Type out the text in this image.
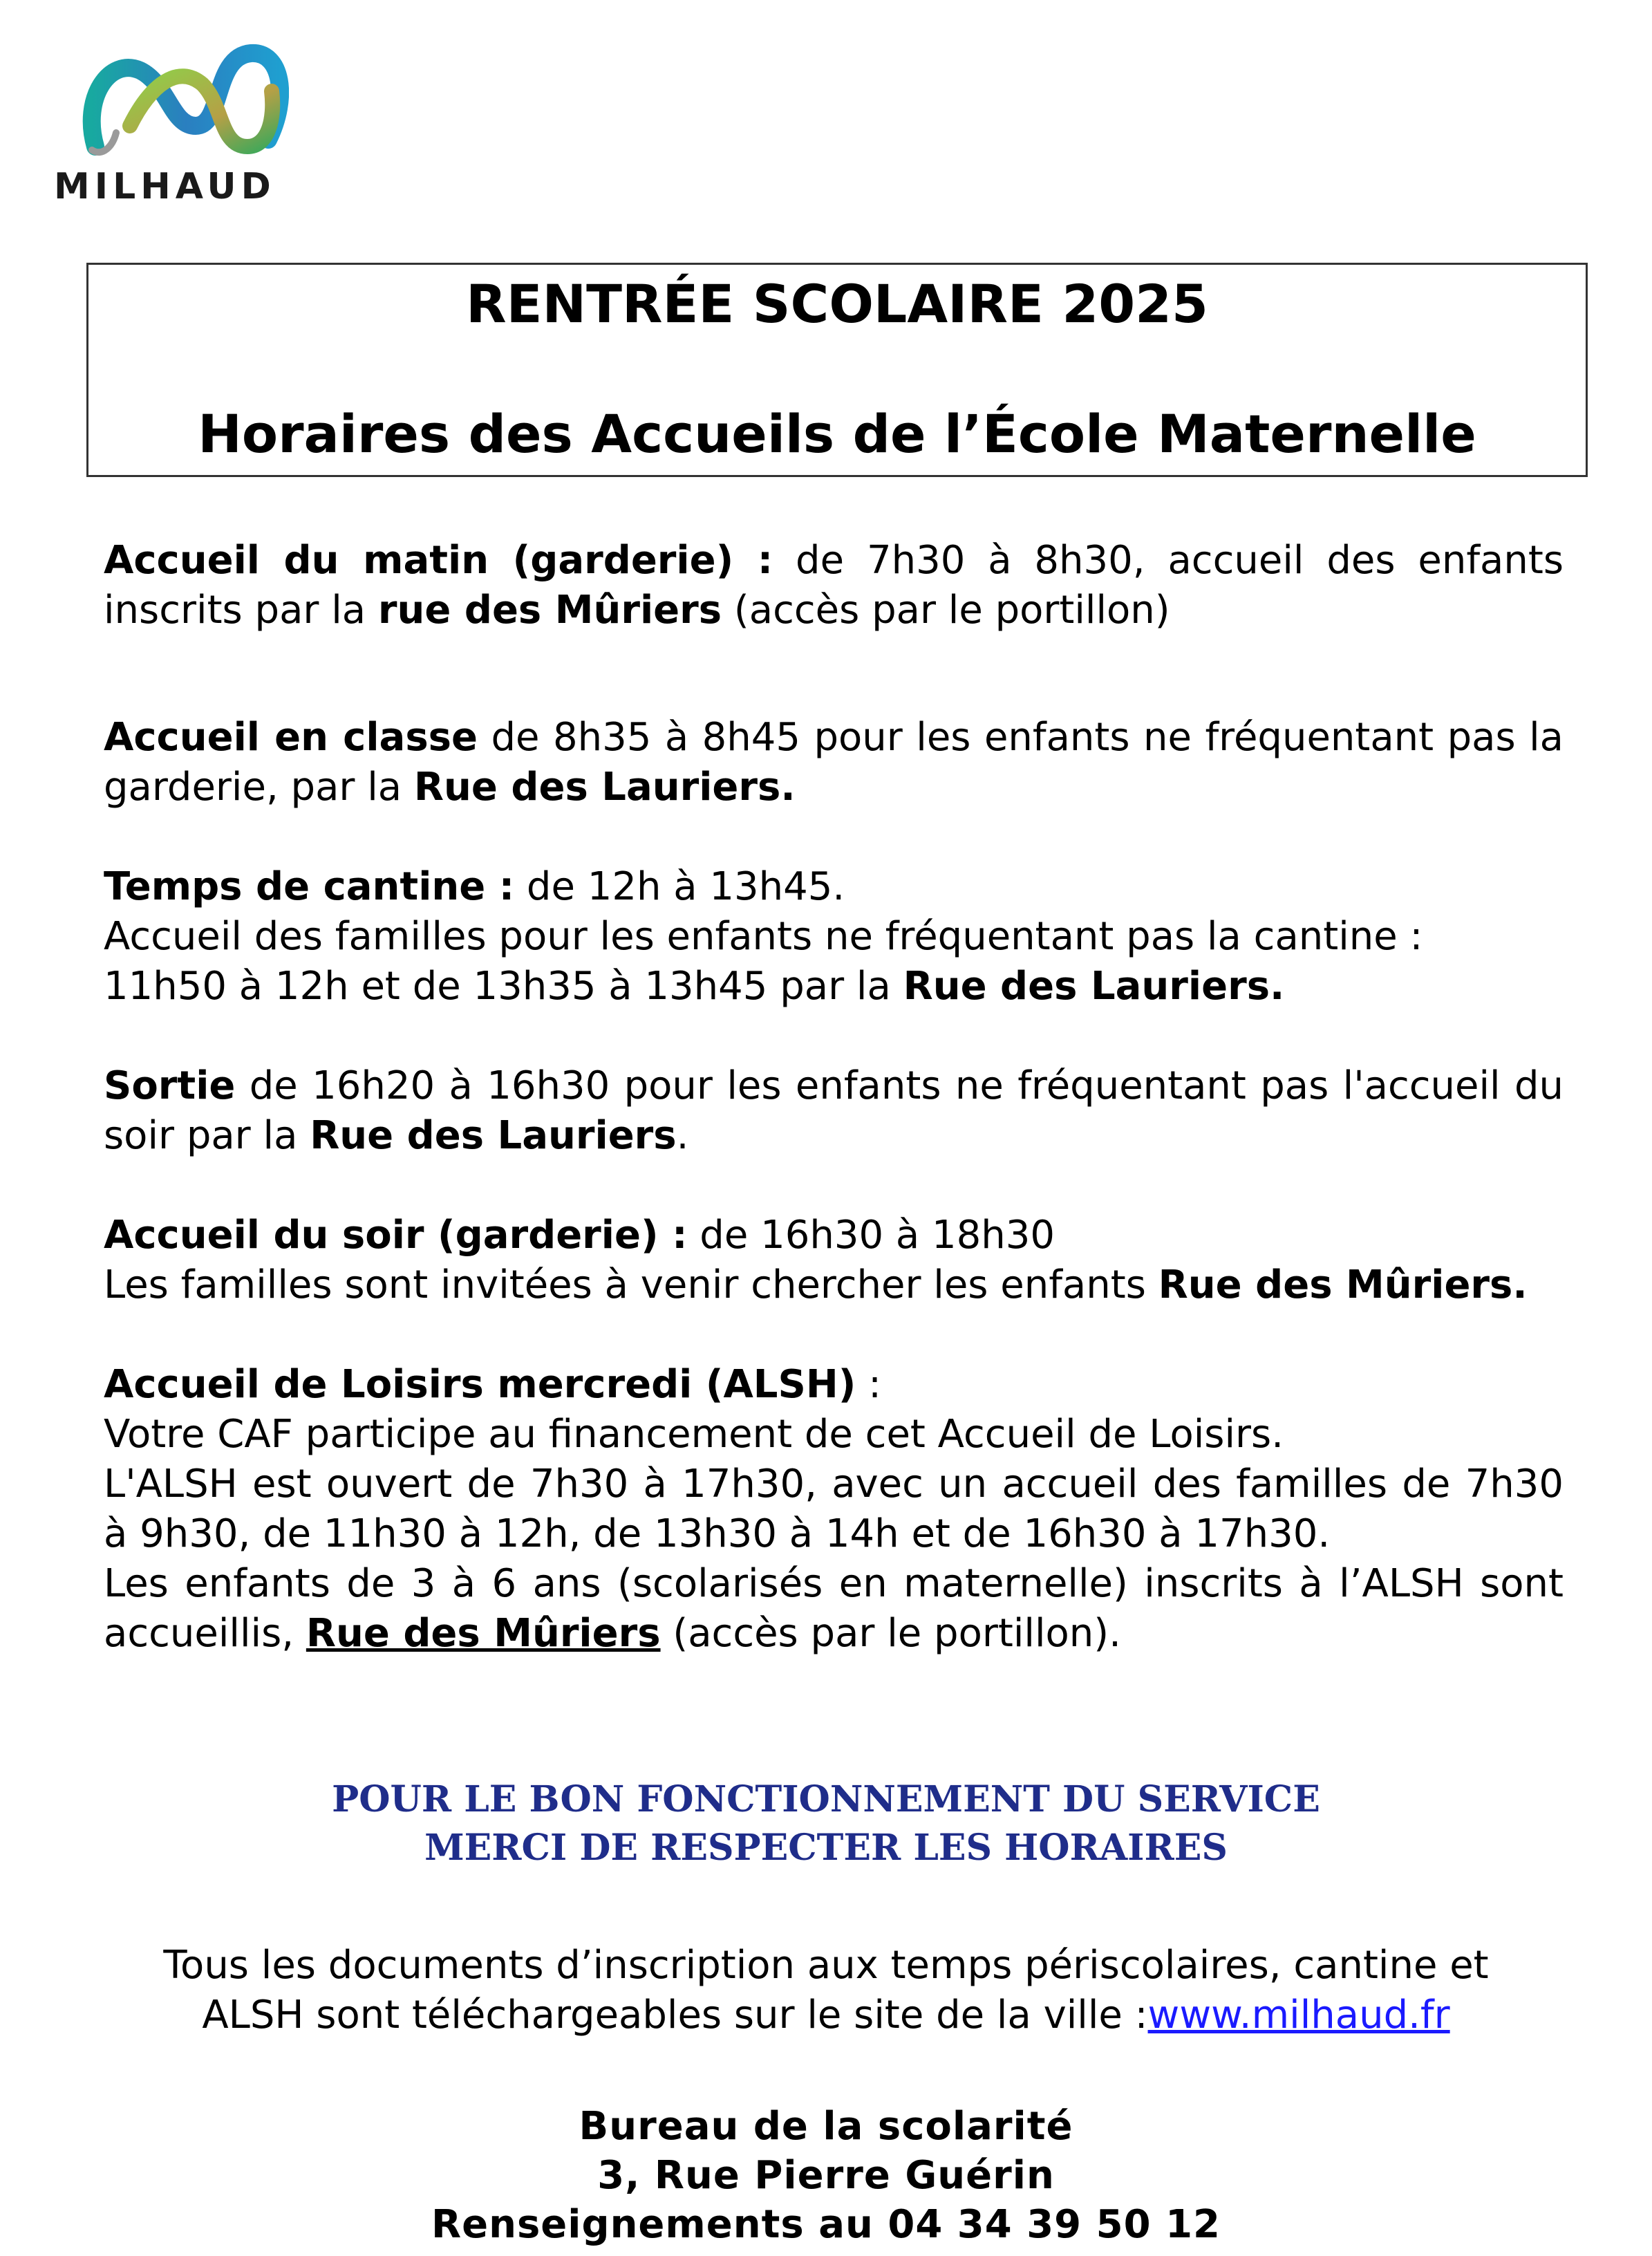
MILHAUD
RENTRÉE SCOLAIRE 2025
Horaires des Accueils de l’École Maternelle

Accueil du matin (garderie) : de 7h30 à 8h30, accueil des enfants inscrits par la rue des Mûriers (accès par le portillon)

Accueil en classe de 8h35 à 8h45 pour les enfants ne fréquentant pas la garderie, par la Rue des Lauriers.

Temps de cantine : de 12h à 13h45.
Accueil des familles pour les enfants ne fréquentant pas la cantine :
11h50 à 12h et de 13h35 à 13h45 par la Rue des Lauriers.

Sortie de 16h20 à 16h30 pour les enfants ne fréquentant pas l'accueil du soir par la Rue des Lauriers.

Accueil du soir (garderie) : de 16h30 à 18h30
Les familles sont invitées à venir chercher les enfants Rue des Mûriers.

Accueil de Loisirs mercredi (ALSH) :
Votre CAF participe au financement de cet Accueil de Loisirs.
L'ALSH est ouvert de 7h30 à 17h30, avec un accueil des familles de 7h30 à 9h30, de 11h30 à 12h, de 13h30 à 14h et de 16h30 à 17h30.
Les enfants de 3 à 6 ans (scolarisés en maternelle) inscrits à l’ALSH sont accueillis, Rue des Mûriers (accès par le portillon).

POUR LE BON FONCTIONNEMENT DU SERVICE
MERCI DE RESPECTER LES HORAIRES
Tous les documents d’inscription aux temps périscolaires, cantine et
ALSH sont téléchargeables sur le site de la ville :www.milhaud.fr
Bureau de la scolarité
3, Rue Pierre Guérin
Renseignements au 04 34 39 50 12
